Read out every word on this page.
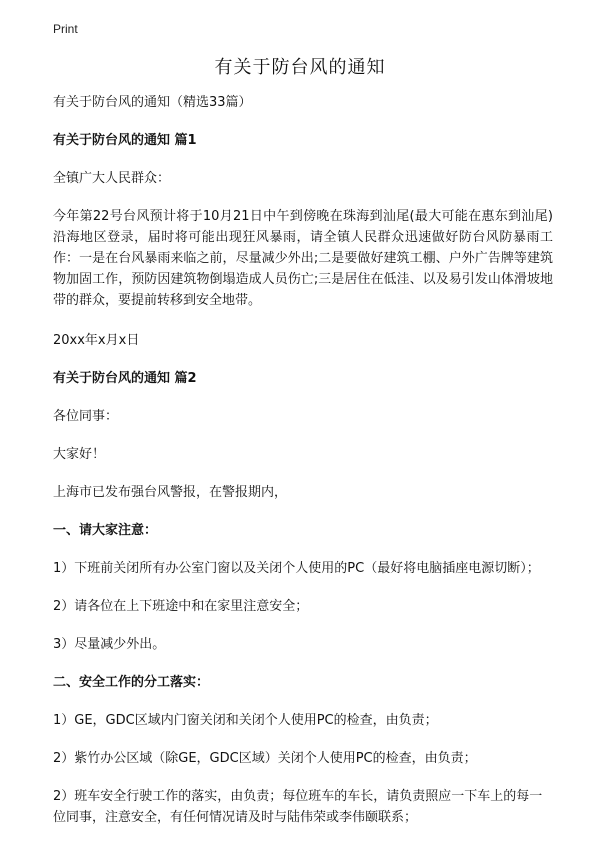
Print
有关于防台风的通知

有关于防台风的通知（精选33篇）

有关于防台风的通知 篇1

全镇广大人民群众：

今年第22号台风预计将于10月21日中午到傍晚在珠海到汕尾(最大可能在惠东到汕尾)沿海地区登录，届时将可能出现狂风暴雨，请全镇人民群众迅速做好防台风防暴雨工作：一是在台风暴雨来临之前，尽量减少外出;二是要做好建筑工棚、户外广告牌等建筑物加固工作，预防因建筑物倒塌造成人员伤亡;三是居住在低洼、以及易引发山体滑坡地带的群众，要提前转移到安全地带。

20xx年x月x日

有关于防台风的通知 篇2

各位同事：

大家好！

上海市已发布强台风警报，在警报期内，

一、请大家注意：

1）下班前关闭所有办公室门窗以及关闭个人使用的PC（最好将电脑插座电源切断）；

2）请各位在上下班途中和在家里注意安全；

3）尽量减少外出。

二、安全工作的分工落实：

1）GE，GDC区域内门窗关闭和关闭个人使用PC的检查，由负责；

2）紫竹办公区域（除GE，GDC区域）关闭个人使用PC的检查，由负责；

2）班车安全行驶工作的落实，由负责；每位班车的车长，请负责照应一下车上的每一位同事，注意安全，有任何情况请及时与陆伟荣或李伟颐联系；
